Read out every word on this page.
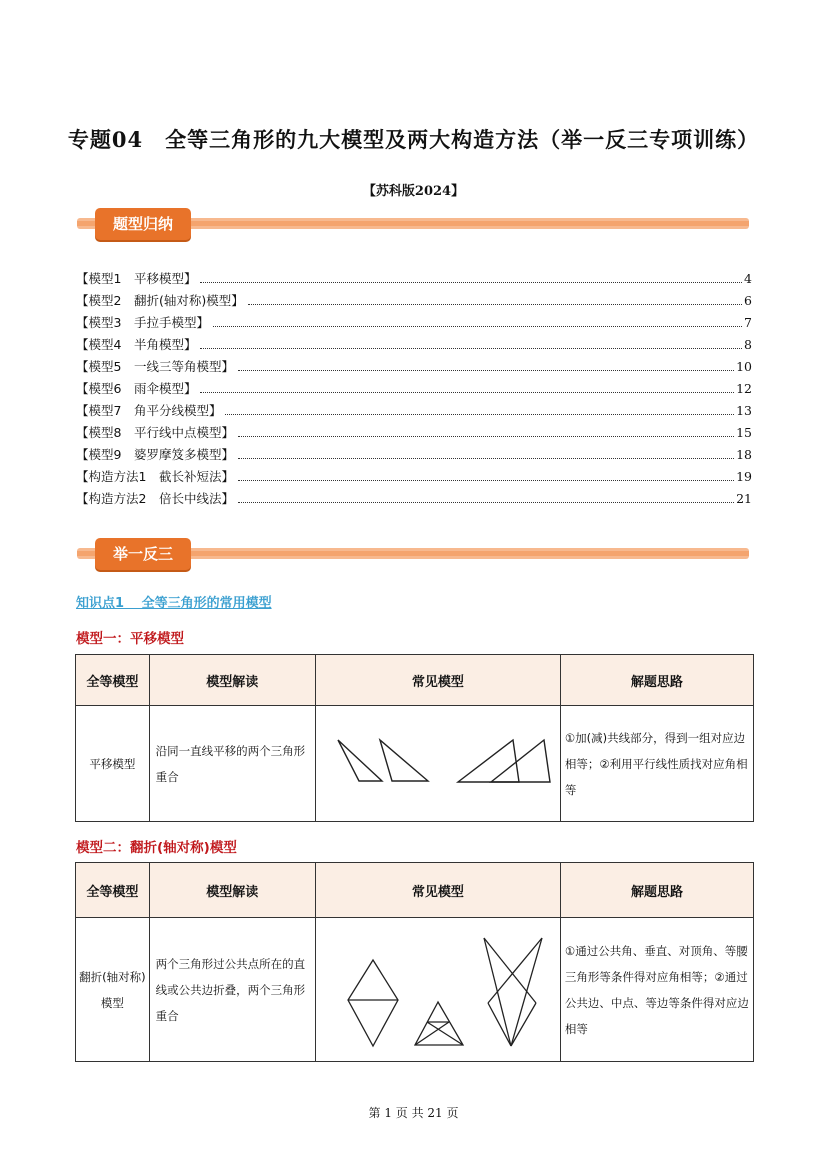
专题04　全等三角形的九大模型及两大构造方法（举一反三专项训练）
【苏科版2024】
题型归纳
【模型1　平移模型】	4
【模型2　翻折(轴对称)模型】	6
【模型3　手拉手模型】	7
【模型4　半角模型】	8
【模型5　一线三等角模型】	10
【模型6　雨伞模型】	12
【模型7　角平分线模型】	13
【模型8　平行线中点模型】	15
【模型9　婆罗摩笈多模型】	18
【构造方法1　截长补短法】	19
【构造方法2　倍长中线法】	21
举一反三
知识点1　 全等三角形的常用模型
模型一：平移模型
全等模型	模型解读	常见模型	解题思路
平移模型	沿同一直线平移的两个三角形重合		①加(减)共线部分，得到一组对应边相等；②利用平行线性质找对应角相等
模型二：翻折(轴对称)模型
全等模型	模型解读	常见模型	解题思路
翻折(轴对称)模型	两个三角形过公共点所在的直线或公共边折叠，两个三角形重合		①通过公共角、垂直、对顶角、等腰三角形等条件得对应角相等；②通过公共边、中点、等边等条件得对应边相等
第 1 页 共 21 页
